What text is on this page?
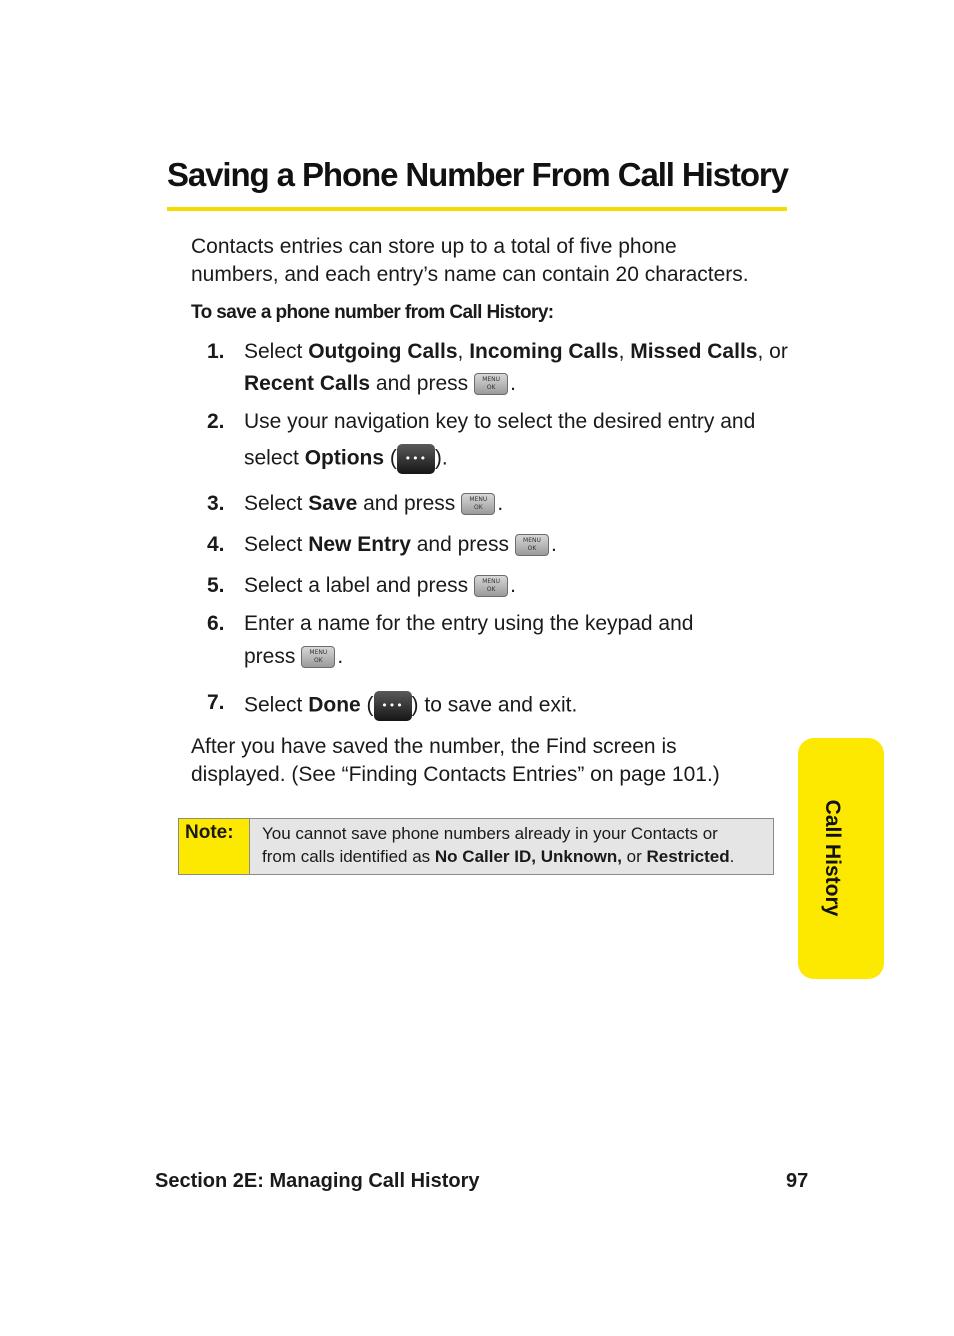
Saving a Phone Number From Call History

Contacts entries can store up to a total of five phone
numbers, and each entry’s name can contain 20 characters.

To save a phone number from Call History:

1. Select Outgoing Calls, Incoming Calls, Missed Calls, or
Recent Calls and press MENU OK .
2. Use your navigation key to select the desired entry and
select Options ( ••• ).
3. Select Save and press MENU OK .
4. Select New Entry and press MENU OK .
5. Select a label and press MENU OK .
6. Enter a name for the entry using the keypad and
press MENU OK .
7. Select Done ( ••• ) to save and exit.

After you have saved the number, the Find screen is
displayed. (See “Finding Contacts Entries” on page 101.)

Note:	You cannot save phone numbers already in your Contacts or
from calls identified as No Caller ID, Unknown, or Restricted.	Call History
Section 2E: Managing Call History	97
